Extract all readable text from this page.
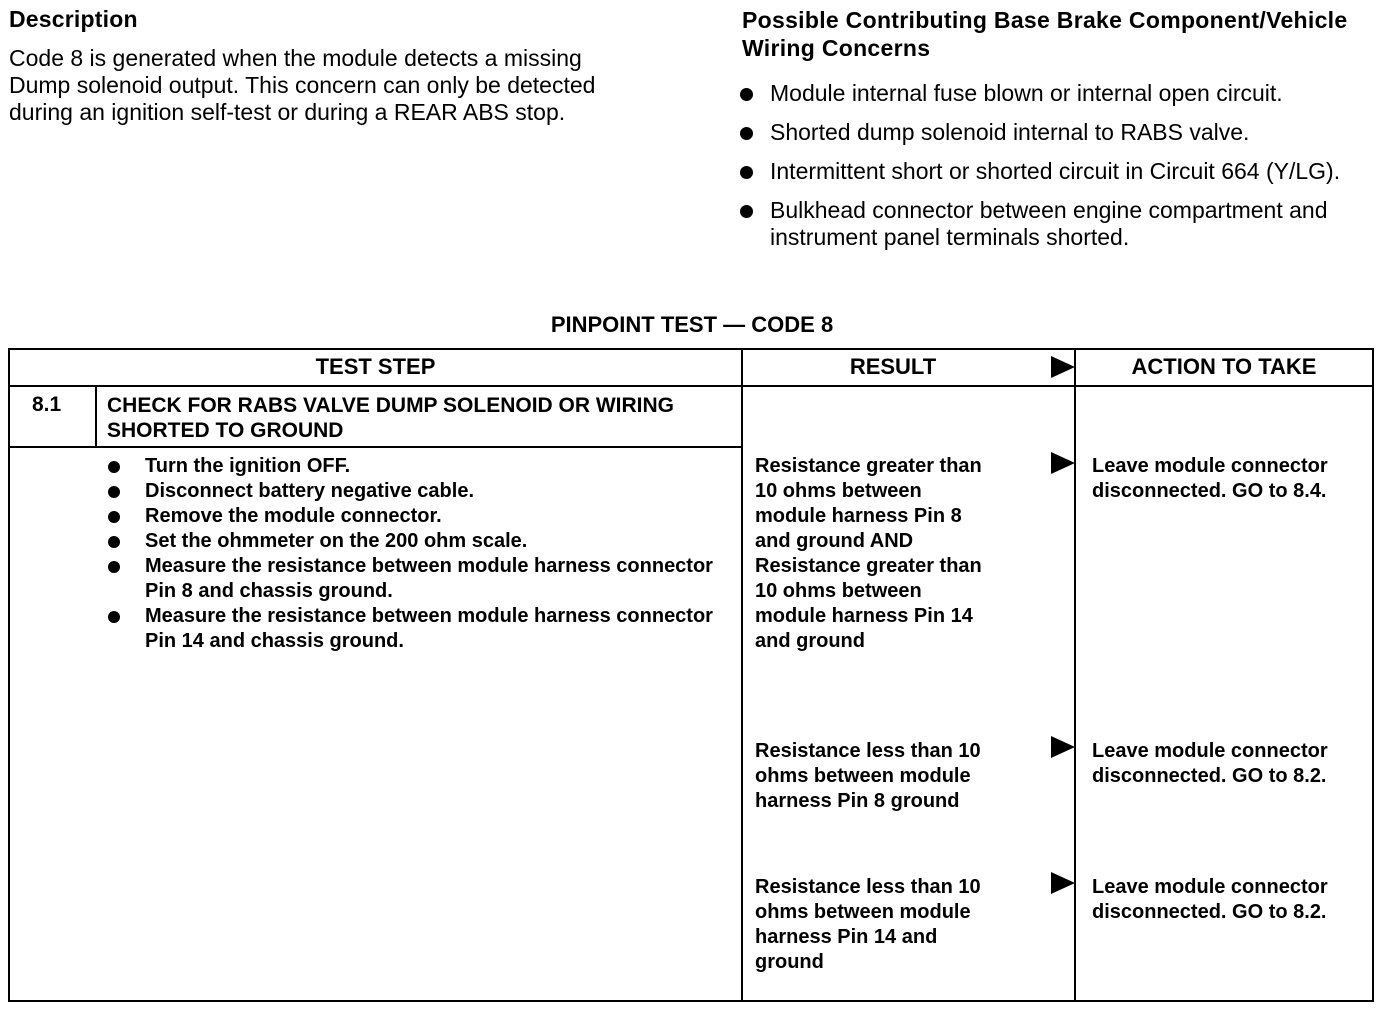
Description
Code 8 is generated when the module detects a missing Dump solenoid output. This concern can only be detected during an ignition self-test or during a REAR ABS stop.
Possible Contributing Base Brake Component/Vehicle Wiring Concerns
Module internal fuse blown or internal open circuit.
Shorted dump solenoid internal to RABS valve.
Intermittent short or shorted circuit in Circuit 664 (Y/LG).
Bulkhead connector between engine compartment and instrument panel terminals shorted.
PINPOINT TEST — CODE 8
TEST STEP	RESULT	ACTION TO TAKE
8.1 CHECK FOR RABS VALVE DUMP SOLENOID OR WIRING SHORTED TO GROUND
Turn the ignition OFF.
Disconnect battery negative cable.
Remove the module connector.
Set the ohmmeter on the 200 ohm scale.
Measure the resistance between module harness connector Pin 8 and chassis ground.
Measure the resistance between module harness connector Pin 14 and chassis ground.
Resistance greater than 10 ohms between module harness Pin 8 and ground AND Resistance greater than 10 ohms between module harness Pin 14 and ground
Leave module connector disconnected. GO to 8.4.
Resistance less than 10 ohms between module harness Pin 8 ground
Leave module connector disconnected. GO to 8.2.
Resistance less than 10 ohms between module harness Pin 14 and ground
Leave module connector disconnected. GO to 8.2.
